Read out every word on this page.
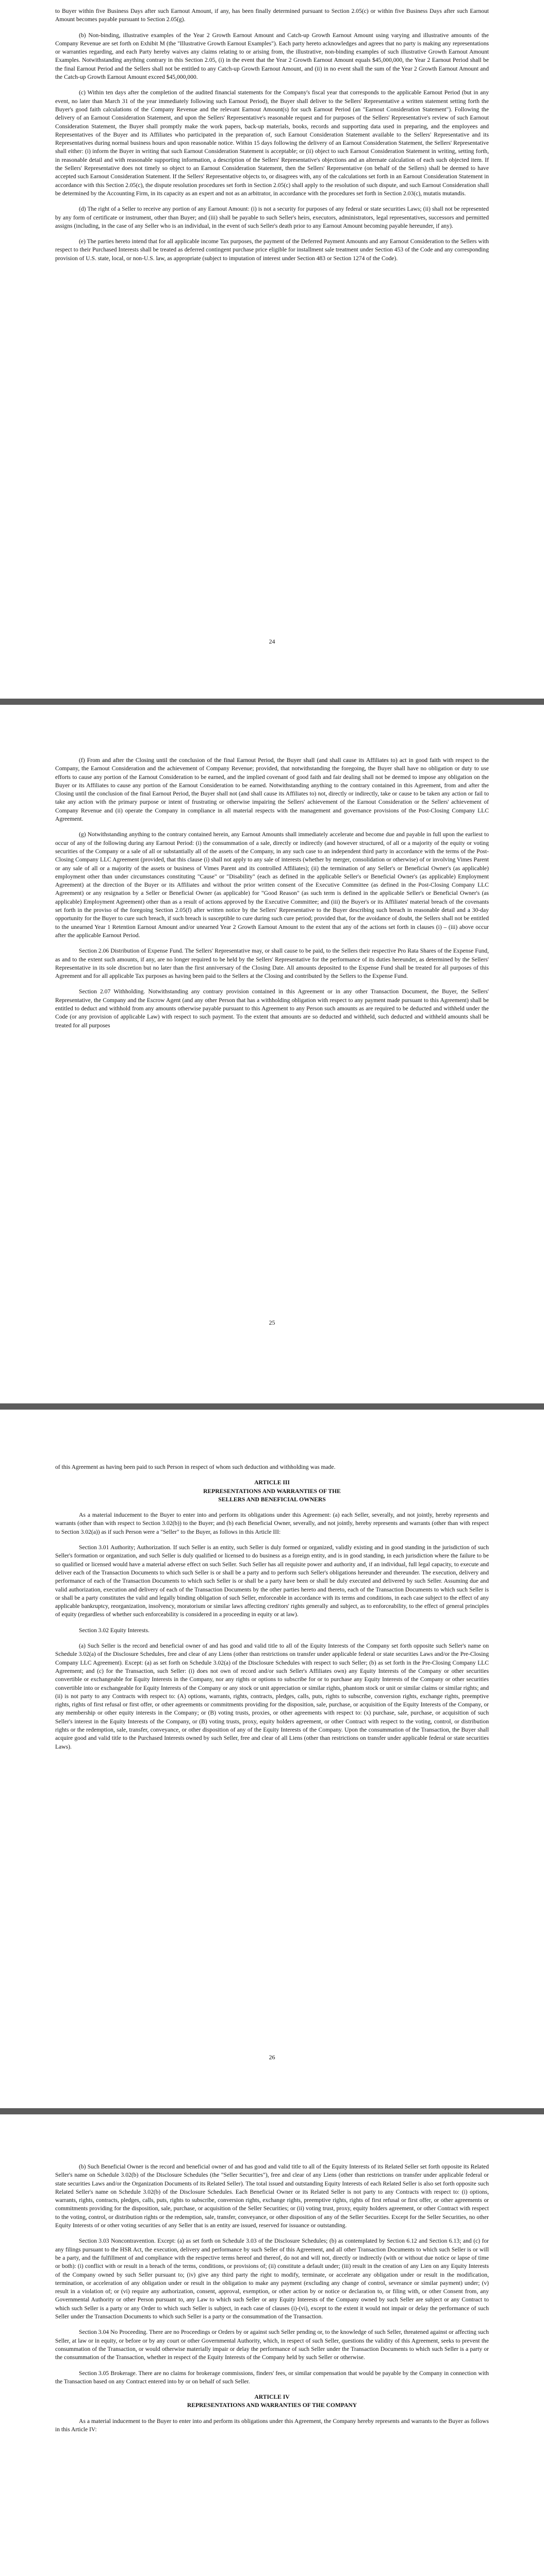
to Buyer within five Business Days after such Earnout Amount, if any, has been finally determined pursuant to Section 2.05(c) or within five Business Days after such Earnout Amount becomes payable pursuant to Section 2.05(g).

(b) Non-binding, illustrative examples of the Year 2 Growth Earnout Amount and Catch-up Growth Earnout Amount using varying and illustrative amounts of the Company Revenue are set forth on Exhibit M (the "Illustrative Growth Earnout Examples"). Each party hereto acknowledges and agrees that no party is making any representations or warranties regarding, and each Party hereby waives any claims relating to or arising from, the illustrative, non-binding examples of such illustrative Growth Earnout Amount Examples. Notwithstanding anything contrary in this Section 2.05, (i) in the event that the Year 2 Growth Earnout Amount equals $45,000,000, the Year 2 Earnout Period shall be the final Earnout Period and the Sellers shall not be entitled to any Catch-up Growth Earnout Amount, and (ii) in no event shall the sum of the Year 2 Growth Earnout Amount and the Catch-up Growth Earnout Amount exceed $45,000,000.

(c) Within ten days after the completion of the audited financial statements for the Company's fiscal year that corresponds to the applicable Earnout Period (but in any event, no later than March 31 of the year immediately following such Earnout Period), the Buyer shall deliver to the Sellers' Representative a written statement setting forth the Buyer's good faith calculations of the Company Revenue and the relevant Earnout Amount(s) for such Earnout Period (an "Earnout Consideration Statement"). Following the delivery of an Earnout Consideration Statement, and upon the Sellers' Representative's reasonable request and for purposes of the Sellers' Representative's review of such Earnout Consideration Statement, the Buyer shall promptly make the work papers, back-up materials, books, records and supporting data used in preparing, and the employees and Representatives of the Buyer and its Affiliates who participated in the preparation of, such Earnout Consideration Statement available to the Sellers' Representative and its Representatives during normal business hours and upon reasonable notice. Within 15 days following the delivery of an Earnout Consideration Statement, the Sellers' Representative shall either: (i) inform the Buyer in writing that such Earnout Consideration Statement is acceptable; or (ii) object to such Earnout Consideration Statement in writing, setting forth, in reasonable detail and with reasonable supporting information, a description of the Sellers' Representative's objections and an alternate calculation of each such objected item. If the Sellers' Representative does not timely so object to an Earnout Consideration Statement, then the Sellers' Representative (on behalf of the Sellers) shall be deemed to have accepted such Earnout Consideration Statement. If the Sellers' Representative objects to, or disagrees with, any of the calculations set forth in an Earnout Consideration Statement in accordance with this Section 2.05(c), the dispute resolution procedures set forth in Section 2.05(c) shall apply to the resolution of such dispute, and such Earnout Consideration shall be determined by the Accounting Firm, in its capacity as an expert and not as an arbitrator, in accordance with the procedures set forth in Section 2.03(c), mutatis mutandis.

(d) The right of a Seller to receive any portion of any Earnout Amount: (i) is not a security for purposes of any federal or state securities Laws; (ii) shall not be represented by any form of certificate or instrument, other than Buyer; and (iii) shall be payable to such Seller's heirs, executors, administrators, legal representatives, successors and permitted assigns (including, in the case of any Seller who is an individual, in the event of such Seller's death prior to any Earnout Amount becoming payable hereunder, if any).

(e) The parties hereto intend that for all applicable income Tax purposes, the payment of the Deferred Payment Amounts and any Earnout Consideration to the Sellers with respect to their Purchased Interests shall be treated as deferred contingent purchase price eligible for installment sale treatment under Section 453 of the Code and any corresponding provision of U.S. state, local, or non-U.S. law, as appropriate (subject to imputation of interest under Section 483 or Section 1274 of the Code).

24

(f) From and after the Closing until the conclusion of the final Earnout Period, the Buyer shall (and shall cause its Affiliates to) act in good faith with respect to the Company, the Earnout Consideration and the achievement of Company Revenue; provided, that notwithstanding the foregoing, the Buyer shall have no obligation or duty to use efforts to cause any portion of the Earnout Consideration to be earned, and the implied covenant of good faith and fair dealing shall not be deemed to impose any obligation on the Buyer or its Affiliates to cause any portion of the Earnout Consideration to be earned. Notwithstanding anything to the contrary contained in this Agreement, from and after the Closing until the conclusion of the final Earnout Period, the Buyer shall not (and shall cause its Affiliates to) not, directly or indirectly, take or cause to be taken any action or fail to take any action with the primary purpose or intent of frustrating or otherwise impairing the Sellers' achievement of the Earnout Consideration or the Sellers' achievement of Company Revenue and (ii) operate the Company in compliance in all material respects with the management and governance provisions of the Post-Closing Company LLC Agreement.

(g) Notwithstanding anything to the contrary contained herein, any Earnout Amounts shall immediately accelerate and become due and payable in full upon the earliest to occur of any of the following during any Earnout Period: (i) the consummation of a sale, directly or indirectly (and however structured, of all or a majority of the equity or voting securities of the Company or a sale of all or substantially all of the assets of the Company, in any such case to an independent third party in accordance with the terms of the Post-Closing Company LLC Agreement (provided, that this clause (i) shall not apply to any sale of interests (whether by merger, consolidation or otherwise) of or involving Vimes Parent or any sale of all or a majority of the assets or business of Vimes Parent and its controlled Affiliates); (ii) the termination of any Seller's or Beneficial Owner's (as applicable) employment other than under circumstances constituting "Cause" or "Disability" (each as defined in the applicable Seller's or Beneficial Owner's (as applicable) Employment Agreement) at the direction of the Buyer or its Affiliates and without the prior written consent of the Executive Committee (as defined in the Post-Closing Company LLC Agreement) or any resignation by a Seller or Beneficial Owner (as applicable) for "Good Reason" (as such term is defined in the applicable Seller's or Beneficial Owner's (as applicable) Employment Agreement) other than as a result of actions approved by the Executive Committee; and (iii) the Buyer's or its Affiliates' material breach of the covenants set forth in the proviso of the foregoing Section 2.05(f) after written notice by the Sellers' Representative to the Buyer describing such breach in reasonable detail and a 30-day opportunity for the Buyer to cure such breach, if such breach is susceptible to cure during such cure period; provided that, for the avoidance of doubt, the Sellers shall not be entitled to the unearned Year 1 Retention Earnout Amount and/or unearned Year 2 Growth Earnout Amount to the extent that any of the actions set forth in clauses (i) – (iii) above occur after the applicable Earnout Period.

Section 2.06 Distribution of Expense Fund. The Sellers' Representative may, or shall cause to be paid, to the Sellers their respective Pro Rata Shares of the Expense Fund, as and to the extent such amounts, if any, are no longer required to be held by the Sellers' Representative for the performance of its duties hereunder, as determined by the Sellers' Representative in its sole discretion but no later than the first anniversary of the Closing Date. All amounts deposited to the Expense Fund shall be treated for all purposes of this Agreement and for all applicable Tax purposes as having been paid to the Sellers at the Closing and contributed by the Sellers to the Expense Fund.

Section 2.07 Withholding. Notwithstanding any contrary provision contained in this Agreement or in any other Transaction Document, the Buyer, the Sellers' Representative, the Company and the Escrow Agent (and any other Person that has a withholding obligation with respect to any payment made pursuant to this Agreement) shall be entitled to deduct and withhold from any amounts otherwise payable pursuant to this Agreement to any Person such amounts as are required to be deducted and withheld under the Code (or any provision of applicable Law) with respect to such payment. To the extent that amounts are so deducted and withheld, such deducted and withheld amounts shall be treated for all purposes

25

of this Agreement as having been paid to such Person in respect of whom such deduction and withholding was made.

ARTICLE III

REPRESENTATIONS AND WARRANTIES OF THE

SELLERS AND BENEFICIAL OWNERS

As a material inducement to the Buyer to enter into and perform its obligations under this Agreement: (a) each Seller, severally, and not jointly, hereby represents and warrants (other than with respect to Section 3.02(b)) to the Buyer; and (b) each Beneficial Owner, severally, and not jointly, hereby represents and warrants (other than with respect to Section 3.02(a)) as if such Person were a "Seller" to the Buyer, as follows in this Article III:

Section 3.01 Authority; Authorization. If such Seller is an entity, such Seller is duly formed or organized, validly existing and in good standing in the jurisdiction of such Seller's formation or organization, and such Seller is duly qualified or licensed to do business as a foreign entity, and is in good standing, in each jurisdiction where the failure to be so qualified or licensed would have a material adverse effect on such Seller. Such Seller has all requisite power and authority and, if an individual, full legal capacity, to execute and deliver each of the Transaction Documents to which such Seller is or shall be a party and to perform such Seller's obligations hereunder and thereunder. The execution, delivery and performance of each of the Transaction Documents to which such Seller is or shall be a party have been or shall be duly executed and delivered by such Seller. Assuming due and valid authorization, execution and delivery of each of the Transaction Documents by the other parties hereto and thereto, each of the Transaction Documents to which such Seller is or shall be a party constitutes the valid and legally binding obligation of such Seller, enforceable in accordance with its terms and conditions, in each case subject to the effect of any applicable bankruptcy, reorganization, insolvency, moratorium or similar laws affecting creditors' rights generally and subject, as to enforceability, to the effect of general principles of equity (regardless of whether such enforceability is considered in a proceeding in equity or at law).

Section 3.02 Equity Interests.

(a) Such Seller is the record and beneficial owner of and has good and valid title to all of the Equity Interests of the Company set forth opposite such Seller's name on Schedule 3.02(a) of the Disclosure Schedules, free and clear of any Liens (other than restrictions on transfer under applicable federal or state securities Laws and/or the Pre-Closing Company LLC Agreement). Except: (a) as set forth on Schedule 3.02(a) of the Disclosure Schedules with respect to such Seller; (b) as set forth in the Pre-Closing Company LLC Agreement; and (c) for the Transaction, such Seller: (i) does not own of record and/or such Seller's Affiliates own) any Equity Interests of the Company or other securities convertible or exchangeable for Equity Interests in the Company, nor any rights or options to subscribe for or to purchase any Equity Interests of the Company or other securities convertible into or exchangeable for Equity Interests of the Company or any stock or unit appreciation or similar rights, phantom stock or unit or similar claims or similar rights; and (ii) is not party to any Contracts with respect to: (A) options, warrants, rights, contracts, pledges, calls, puts, rights to subscribe, conversion rights, exchange rights, preemptive rights, rights of first refusal or first offer, or other agreements or commitments providing for the disposition, sale, purchase, or acquisition of the Equity Interests of the Company, or any membership or other equity interests in the Company; or (B) voting trusts, proxies, or other agreements with respect to: (x) purchase, sale, purchase, or acquisition of such Seller's interest in the Equity Interests of the Company, or (B) voting trusts, proxy, equity holders agreement, or other Contract with respect to the voting, control, or distribution rights or the redemption, sale, transfer, conveyance, or other disposition of any of the Equity Interests of the Company. Upon the consummation of the Transaction, the Buyer shall acquire good and valid title to the Purchased Interests owned by such Seller, free and clear of all Liens (other than restrictions on transfer under applicable federal or state securities Laws).

26

(b) Such Beneficial Owner is the record and beneficial owner of and has good and valid title to all of the Equity Interests of its Related Seller set forth opposite its Related Seller's name on Schedule 3.02(b) of the Disclosure Schedules (the "Seller Securities"), free and clear of any Liens (other than restrictions on transfer under applicable federal or state securities Laws and/or the Organization Documents of its Related Seller). The total issued and outstanding Equity Interests of each Related Seller is also set forth opposite such Related Seller's name on Schedule 3.02(b) of the Disclosure Schedules. Each Beneficial Owner or its Related Seller is not party to any Contracts with respect to: (i) options, warrants, rights, contracts, pledges, calls, puts, rights to subscribe, conversion rights, exchange rights, preemptive rights, rights of first refusal or first offer, or other agreements or commitments providing for the disposition, sale, purchase, or acquisition of the Seller Securities; or (ii) voting trust, proxy, equity holders agreement, or other Contract with respect to the voting, control, or distribution rights or the redemption, sale, transfer, conveyance, or other disposition of any of the Seller Securities. Except for the Seller Securities, no other Equity Interests of or other voting securities of any Seller that is an entity are issued, reserved for issuance or outstanding.

Section 3.03 Noncontravention. Except: (a) as set forth on Schedule 3.03 of the Disclosure Schedules; (b) as contemplated by Section 6.12 and Section 6.13; and (c) for any filings pursuant to the HSR Act, the execution, delivery and performance by such Seller of this Agreement, and all other Transaction Documents to which such Seller is or will be a party, and the fulfillment of and compliance with the respective terms hereof and thereof, do not and will not, directly or indirectly (with or without due notice or lapse of time or both): (i) conflict with or result in a breach of the terms, conditions, or provisions of; (ii) constitute a default under; (iii) result in the creation of any Lien on any Equity Interests of the Company owned by such Seller pursuant to; (iv) give any third party the right to modify, terminate, or accelerate any obligation under or result in the modification, termination, or acceleration of any obligation under or result in the obligation to make any payment (excluding any change of control, severance or similar payment) under; (v) result in a violation of; or (vi) require any authorization, consent, approval, exemption, or other action by or notice or declaration to, or filing with, or other Consent from, any Governmental Authority or other Person pursuant to, any Law to which such Seller or any Equity Interests of the Company owned by such Seller are subject or any Contract to which such Seller is a party or any Order to which such Seller is subject, in each case of clauses (i)-(vi), except to the extent it would not impair or delay the performance of such Seller under the Transaction Documents to which such Seller is a party or the consummation of the Transaction.

Section 3.04 No Proceeding. There are no Proceedings or Orders by or against such Seller pending or, to the knowledge of such Seller, threatened against or affecting such Seller, at law or in equity, or before or by any court or other Governmental Authority, which, in respect of such Seller, questions the validity of this Agreement, seeks to prevent the consummation of the Transaction, or would otherwise materially impair or delay the performance of such Seller under the Transaction Documents to which such Seller is a party or the consummation of the Transaction, whether in respect of the Equity Interests of the Company held by such Seller or otherwise.

Section 3.05 Brokerage. There are no claims for brokerage commissions, finders' fees, or similar compensation that would be payable by the Company in connection with the Transaction based on any Contract entered into by or on behalf of such Seller.

ARTICLE IV

REPRESENTATIONS AND WARRANTIES OF THE COMPANY

As a material inducement to the Buyer to enter into and perform its obligations under this Agreement, the Company hereby represents and warrants to the Buyer as follows in this Article IV:
